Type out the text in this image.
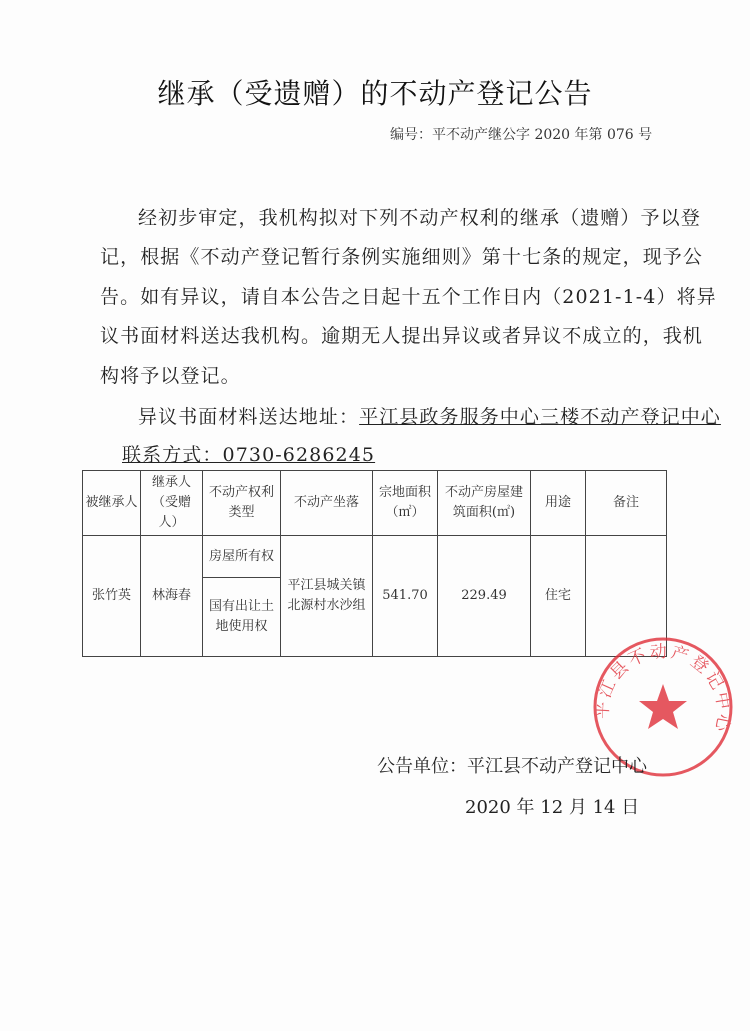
继承（受遗赠）的不动产登记公告
编号：平不动产继公字 2020 年第 076 号
经初步审定，我机构拟对下列不动产权利的继承（遗赠）予以登
记，根据《不动产登记暂行条例实施细则》第十七条的规定，现予公
告。如有异议，请自本公告之日起十五个工作日内（2021-1-4）将异
议书面材料送达我机构。逾期无人提出异议或者异议不成立的，我机
构将予以登记。
异议书面材料送达地址：平江县政务服务中心三楼不动产登记中心
联系方式：0730-6286245
被继承人	继承人（受赠人）	不动产权利类型	不动产坐落	宗地面积（㎡）	不动产房屋建筑面积(㎡)	用途	备注
张竹英	林海春	房屋所有权	平江县城关镇北源村水沙组	541.70	229.49	住宅	
		国有出让土地使用权					
平江县不动产登记中心
公告单位：平江县不动产登记中心
2020 年 12 月 14 日
